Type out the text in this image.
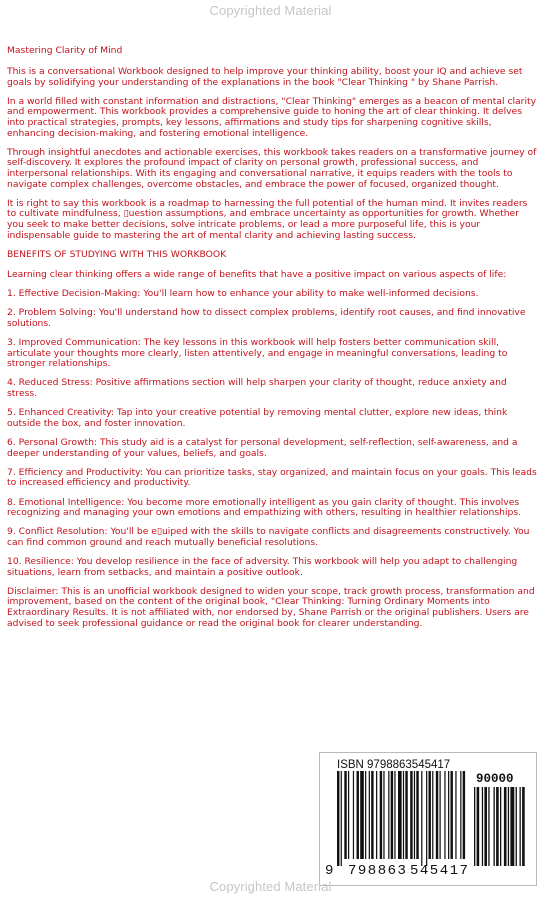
Copyrighted Material

Mastering Clarity of Mind

This is a conversational Workbook designed to help improve your thinking ability, boost your IQ and achieve set goals by solidifying your understanding of the explanations in the book "Clear Thinking " by Shane Parrish.

In a world filled with constant information and distractions, "Clear Thinking" emerges as a beacon of mental clarity and empowerment. This workbook provides a comprehensive guide to honing the art of clear thinking. It delves into practical strategies, prompts, key lessons, affirmations and study tips for sharpening cognitive skills, enhancing decision-making, and fostering emotional intelligence.

Through insightful anecdotes and actionable exercises, this workbook takes readers on a transformative journey of self-discovery. It explores the profound impact of clarity on personal growth, professional success, and interpersonal relationships. With its engaging and conversational narrative, it equips readers with the tools to navigate complex challenges, overcome obstacles, and embrace the power of focused, organized thought.

It is right to say this workbook is a roadmap to harnessing the full potential of the human mind. It invites readers to cultivate mindfulness, ▯uestion assumptions, and embrace uncertainty as opportunities for growth. Whether you seek to make better decisions, solve intricate problems, or lead a more purposeful life, this is your indispensable guide to mastering the art of mental clarity and achieving lasting success.

BENEFITS OF STUDYING WITH THIS WORKBOOK

Learning clear thinking offers a wide range of benefits that have a positive impact on various aspects of life:

1. Effective Decision-Making: You'll learn how to enhance your ability to make well-informed decisions.

2. Problem Solving: You'll understand how to dissect complex problems, identify root causes, and find innovative solutions.

3. Improved Communication: The key lessons in this workbook will help fosters better communication skill, articulate your thoughts more clearly, listen attentively, and engage in meaningful conversations, leading to stronger relationships.

4. Reduced Stress: Positive affirmations section will help sharpen your clarity of thought, reduce anxiety and stress.

5. Enhanced Creativity: Tap into your creative potential by removing mental clutter, explore new ideas, think outside the box, and foster innovation.

6. Personal Growth: This study aid is a catalyst for personal development, self-reflection, self-awareness, and a deeper understanding of your values, beliefs, and goals.

7. Efficiency and Productivity: You can prioritize tasks, stay organized, and maintain focus on your goals. This leads to increased efficiency and productivity.

8. Emotional Intelligence: You become more emotionally intelligent as you gain clarity of thought. This involves recognizing and managing your own emotions and empathizing with others, resulting in healthier relationships.

9. Conflict Resolution: You'll be e▯uiped with the skills to navigate conflicts and disagreements constructively. You can find common ground and reach mutually beneficial resolutions.

10. Resilience: You develop resilience in the face of adversity. This workbook will help you adapt to challenging situations, learn from setbacks, and maintain a positive outlook.

Disclaimer: This is an unofficial workbook designed to widen your scope, track growth process, transformation and improvement, based on the content of the original book, "Clear Thinking: Turning Ordinary Moments into Extraordinary Results. It is not affiliated with, nor endorsed by, Shane Parrish or the original publishers. Users are advised to seek professional guidance or read the original book for clearer understanding.

ISBN 9798863545417
90000
9 798863 545417
Copyrighted Material
